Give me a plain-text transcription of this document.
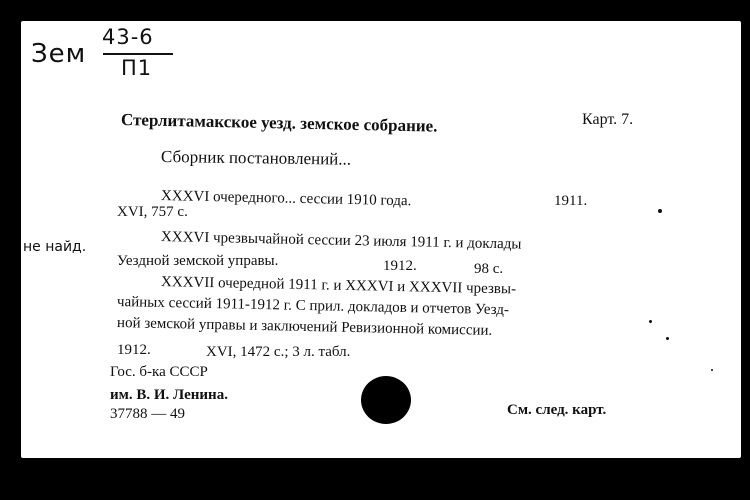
Зем
43-6
П1
Стерлитамакское уезд. земское собрание.
Сборник постановлений...
Карт. 7.
XXXVI очередного... сессии 1910 года.	1911.
XVI, 757 с.
не найд.	XXXVI чрезвычайной сессии 23 июля 1911 г. и доклады
Уездной земской управы.	1912.	98 с.
XXXVII очередной 1911 г. и XXXVI и XXXVII чрезвы-
чайных сессий 1911-1912 г. С прил. докладов и отчетов Уезд-
ной земской управы и заключений Ревизионной комиссии.
1912.	XVI, 1472 с.; 3 л. табл.
Гос. б-ка СССР
им. В. И. Ленина.
37788 — 49	См. след. карт.
